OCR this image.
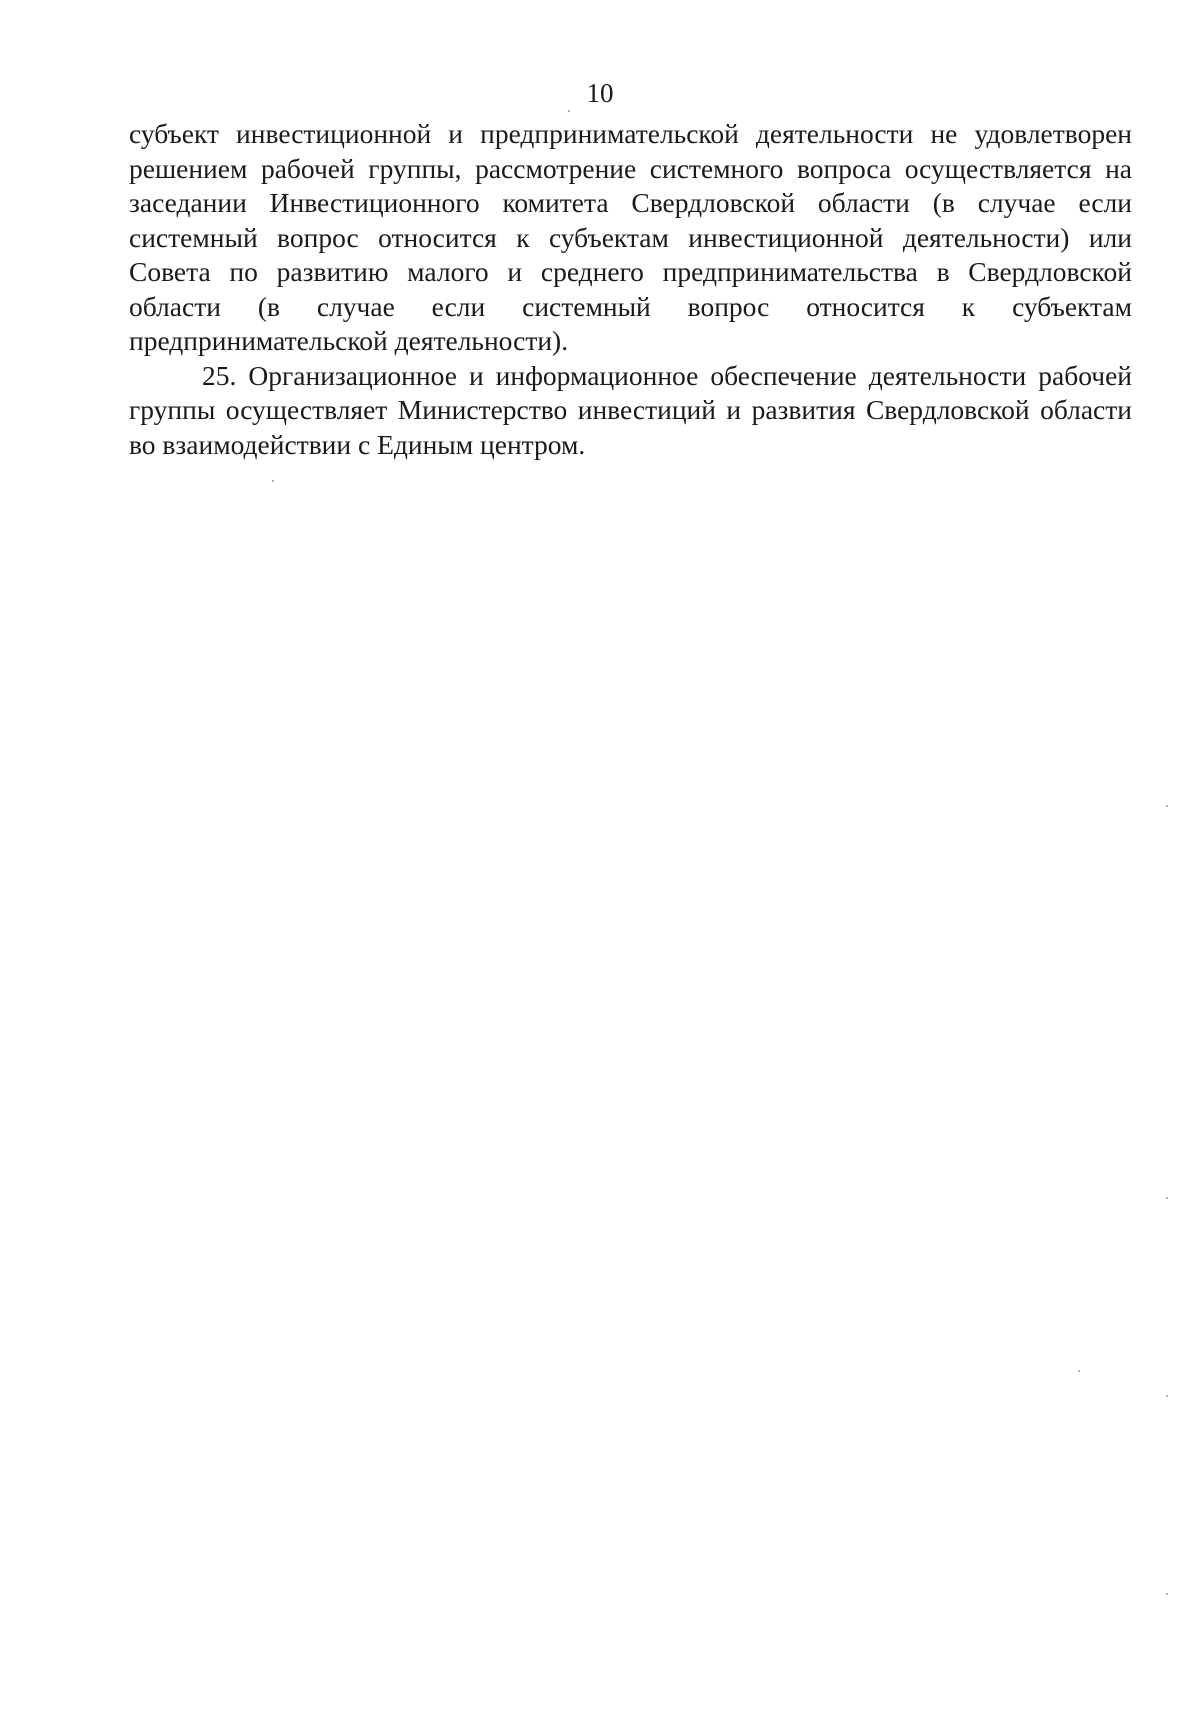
10

субъект инвестиционной и предпринимательской деятельности не удовлетворен решением рабочей группы, рассмотрение системного вопроса осуществляется на заседании Инвестиционного комитета Свердловской области (в случае если системный вопрос относится к субъектам инвестиционной деятельности) или Совета по развитию малого и среднего предпринимательства в Свердловской области (в случае если системный вопрос относится к субъектам предпринимательской деятельности).

25. Организационное и информационное обеспечение деятельности рабочей группы осуществляет Министерство инвестиций и развития Свердловской области во взаимодействии с Единым центром.
